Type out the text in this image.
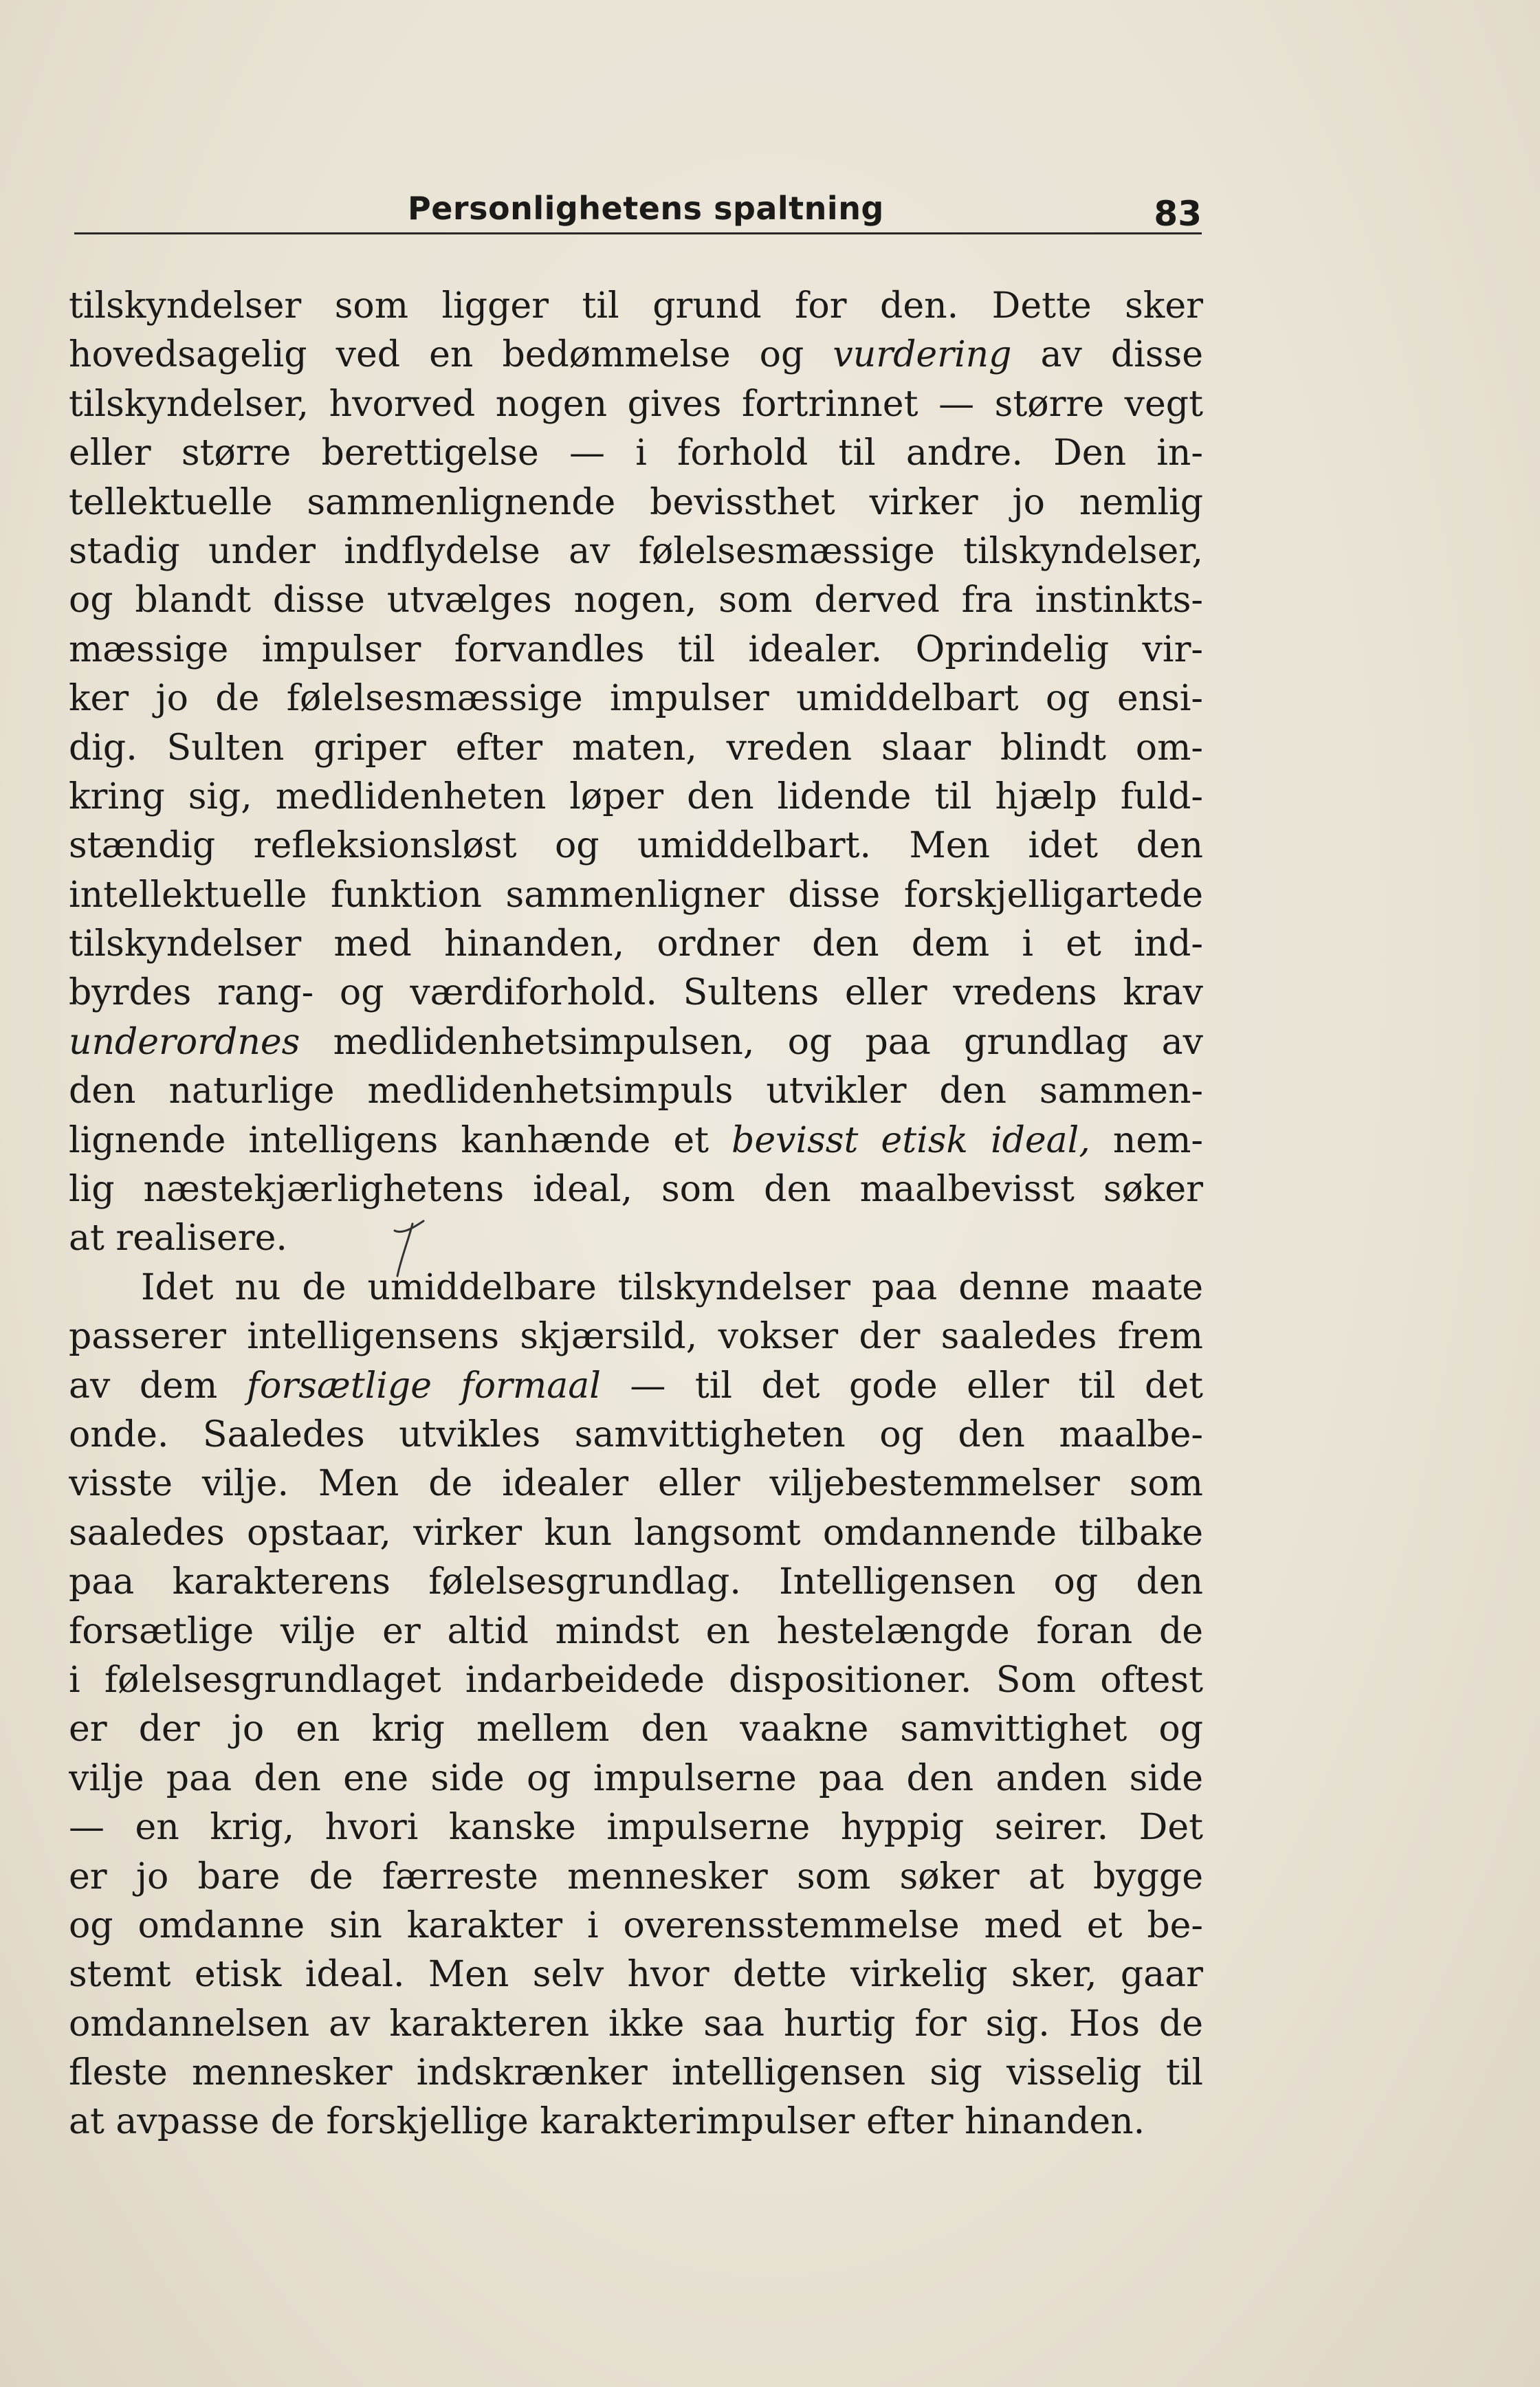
Personlighetens spaltning	83
tilskyndelser som ligger til grund for den. Dette sker
hovedsagelig ved en bedømmelse og vurdering av disse
tilskyndelser, hvorved nogen gives fortrinnet — større vegt
eller større berettigelse — i forhold til andre. Den in-
tellektuelle sammenlignende bevissthet virker jo nemlig
stadig under indflydelse av følelsesmæssige tilskyndelser,
og blandt disse utvælges nogen, som derved fra instinkts-
mæssige impulser forvandles til idealer. Oprindelig vir-
ker jo de følelsesmæssige impulser umiddelbart og ensi-
dig. Sulten griper efter maten, vreden slaar blindt om-
kring sig, medlidenheten løper den lidende til hjælp fuld-
stændig refleksionsløst og umiddelbart. Men idet den
intellektuelle funktion sammenligner disse forskjelligartede
tilskyndelser med hinanden, ordner den dem i et ind-
byrdes rang- og værdiforhold. Sultens eller vredens krav
underordnes medlidenhetsimpulsen, og paa grundlag av
den naturlige medlidenhetsimpuls utvikler den sammen-
lignende intelligens kanhænde et bevisst etisk ideal, nem-
lig næstekjærlighetens ideal, som den maalbevisst søker
at realisere.
Idet nu de umiddelbare tilskyndelser paa denne maate
passerer intelligensens skjærsild, vokser der saaledes frem
av dem forsætlige formaal — til det gode eller til det
onde. Saaledes utvikles samvittigheten og den maalbe-
visste vilje. Men de idealer eller viljebestemmelser som
saaledes opstaar, virker kun langsomt omdannende tilbake
paa karakterens følelsesgrundlag. Intelligensen og den
forsætlige vilje er altid mindst en hestelængde foran de
i følelsesgrundlaget indarbeidede dispositioner. Som oftest
er der jo en krig mellem den vaakne samvittighet og
vilje paa den ene side og impulserne paa den anden side
— en krig, hvori kanske impulserne hyppig seirer. Det
er jo bare de færreste mennesker som søker at bygge
og omdanne sin karakter i overensstemmelse med et be-
stemt etisk ideal. Men selv hvor dette virkelig sker, gaar
omdannelsen av karakteren ikke saa hurtig for sig. Hos de
fleste mennesker indskrænker intelligensen sig visselig til
at avpasse de forskjellige karakterimpulser efter hinanden.
